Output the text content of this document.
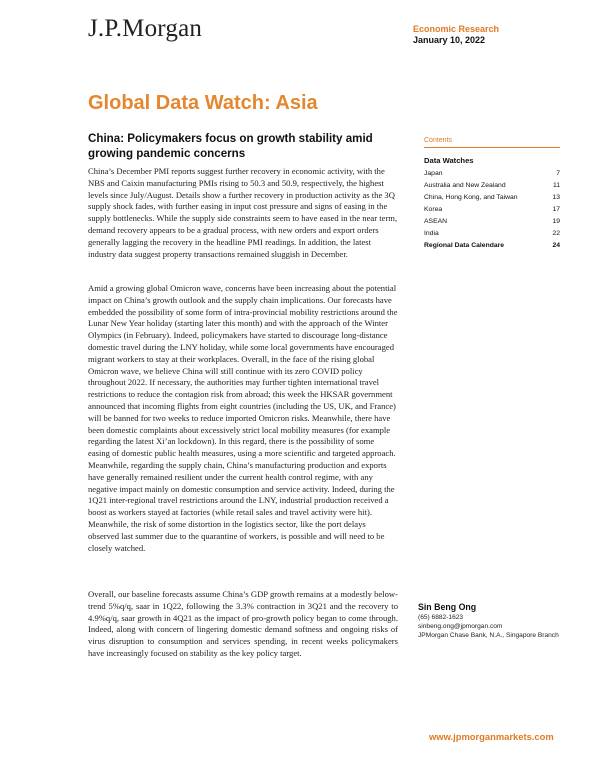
J.P.Morgan	Economic Research
January 10, 2022
Global Data Watch: Asia
China: Policymakers focus on growth stability amid growing pandemic concerns

China’s December PMI reports suggest further recovery in economic activity, with the NBS and Caixin manufacturing PMIs rising to 50.3 and 50.9, respectively, the highest levels since July/August. Details show a further recovery in production activity as the 3Q supply shock fades, with further easing in input cost pressure and signs of easing in the supply bottlenecks. While the supply side constraints seem to have eased in the near term, demand recovery appears to be a gradual process, with new orders and export orders generally lagging the recovery in the headline PMI readings. In addition, the latest industry data suggest property transactions remained sluggish in December.

Amid a growing global Omicron wave, concerns have been increasing about the potential impact on China’s growth outlook and the supply chain implications. Our forecasts have embedded the possibility of some form of intra-provincial mobility restrictions around the Lunar New Year holiday (starting later this month) and with the approach of the Winter Olympics (in February). Indeed, policymakers have started to discourage long-distance domestic travel during the LNY holiday, while some local governments have encouraged migrant workers to stay at their workplaces. Overall, in the face of the rising global Omicron wave, we believe China will still continue with its zero COVID policy throughout 2022. If necessary, the authorities may further tighten international travel restrictions to reduce the contagion risk from abroad; this week the HKSAR government announced that incoming flights from eight countries (including the US, UK, and France) will be banned for two weeks to reduce imported Omicron risks. Meanwhile, there have been domestic complaints about excessively strict local mobility measures (for example regarding the latest Xi’an lockdown). In this regard, there is the possibility of some easing of domestic public health measures, using a more scientific and targeted approach. Meanwhile, regarding the supply chain, China’s manufacturing production and exports have generally remained resilient under the current health control regime, with any negative impact mainly on domestic consumption and service activity. Indeed, during the 1Q21 inter-regional travel restrictions around the LNY, industrial production received a boost as workers stayed at factories (while retail sales and travel activity were hit). Meanwhile, the risk of some distortion in the logistics sector, like the port delays observed last summer due to the quarantine of workers, is possible and will need to be closely watched.

Overall, our baseline forecasts assume China’s GDP growth remains at a modestly below-trend 5%q/q, saar in 1Q22, following the 3.3% contraction in 3Q21 and the recovery to 4.9%q/q, saar growth in 4Q21 as the impact of pro-growth policy began to come through. Indeed, along with concern of lingering domestic demand softness and ongoing risks of virus disruption to consumption and services spending, in recent weeks policymakers have increasingly focused on stability as the key policy target.

Contents
Data Watches
Japan	7
Australia and New Zealand	11
China, Hong Kong, and Taiwan	13
Korea	17
ASEAN	19
India	22
Regional Data Calendare	24
Sin Beng Ong
(65) 6882-1623
sinbeng.ong@jpmorgan.com
JPMorgan Chase Bank, N.A., Singapore Branch
www.jpmorganmarkets.com
